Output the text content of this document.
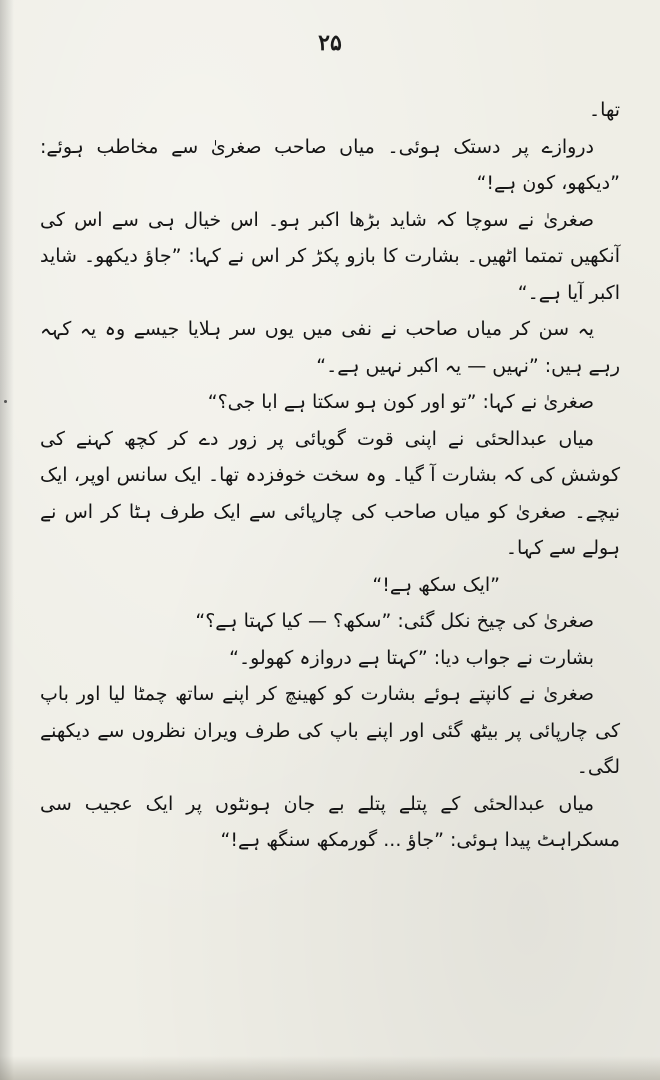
۲۵

تھا۔

دروازے پر دستک ہوئی۔ میاں صاحب صغریٰ سے مخاطب ہوئے: ”دیکھو، کون ہے!“

صغریٰ نے سوچا کہ شاید بڑھا اکبر ہو۔ اس خیال ہی سے اس کی آنکھیں تمتما اٹھیں۔ بشارت کا بازو پکڑ کر اس نے کہا: ”جاؤ دیکھو۔ شاید اکبر آیا ہے۔“

یہ سن کر میاں صاحب نے نفی میں یوں سر ہلایا جیسے وہ یہ کہہ رہے ہیں: ”نہیں — یہ اکبر نہیں ہے۔“

صغریٰ نے کہا: ”تو اور کون ہو سکتا ہے ابا جی؟“

میاں عبدالحئی نے اپنی قوت گویائی پر زور دے کر کچھ کہنے کی کوشش کی کہ بشارت آ گیا۔ وہ سخت خوفزدہ تھا۔ ایک سانس اوپر، ایک نیچے۔ صغریٰ کو میاں صاحب کی چارپائی سے ایک طرف ہٹا کر اس نے ہولے سے کہا۔

”ایک سکھ ہے!“

صغریٰ کی چیخ نکل گئی: ”سکھ؟ — کیا کہتا ہے؟“

بشارت نے جواب دیا: ”کہتا ہے دروازہ کھولو۔“

صغریٰ نے کانپتے ہوئے بشارت کو کھینچ کر اپنے ساتھ چمٹا لیا اور باپ کی چارپائی پر بیٹھ گئی اور اپنے باپ کی طرف ویران نظروں سے دیکھنے لگی۔

میاں عبدالحئی کے پتلے پتلے بے جان ہونٹوں پر ایک عجیب سی مسکراہٹ پیدا ہوئی: ”جاؤ ... گورمکھ سنگھ ہے!“
